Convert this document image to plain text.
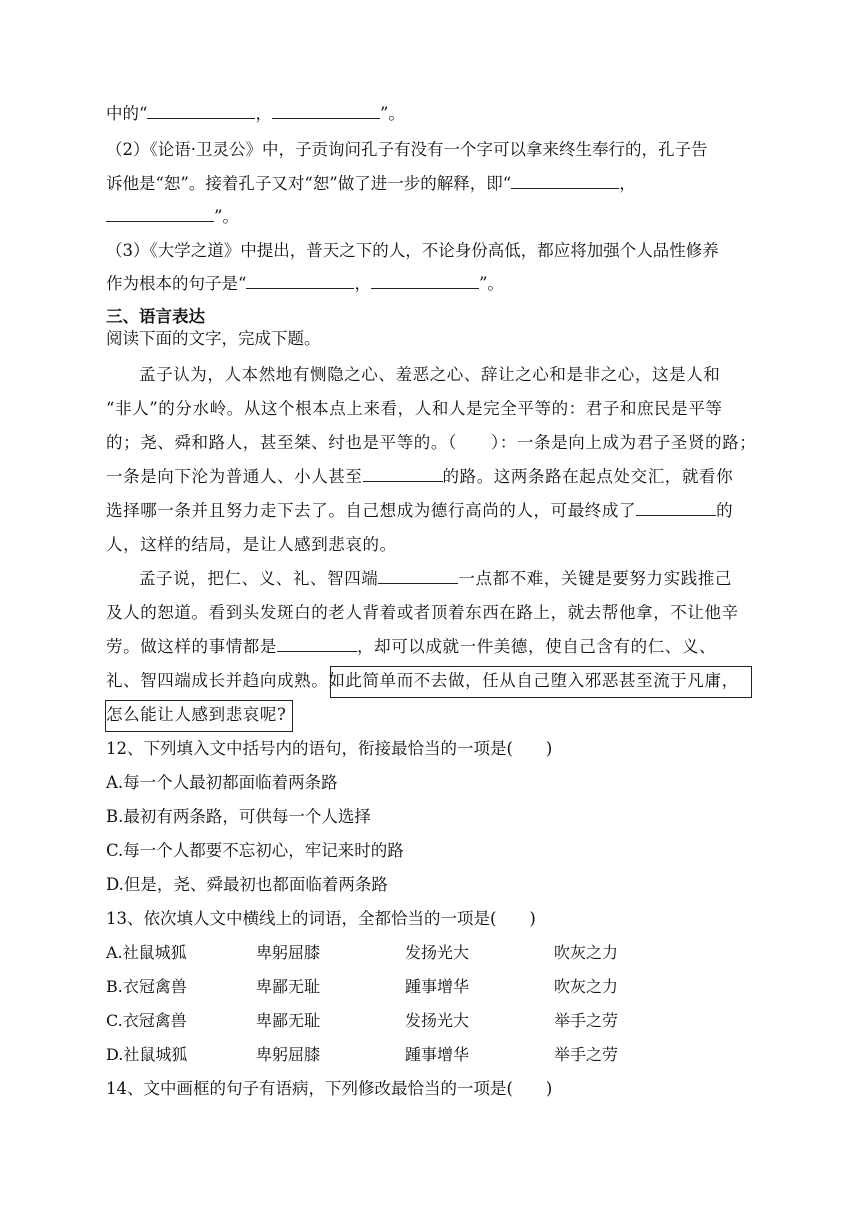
中的“	，	”。
（2）《论语·卫灵公》中，子贡询问孔子有没有一个字可以拿来终生奉行的，孔子告
诉他是“恕”。接着孔子又对“恕”做了进一步的解释，即“	，
”。
（3）《大学之道》中提出，普天之下的人，不论身份高低，都应将加强个人品性修养
作为根本的句子是“	，	”。
三、语言表达
阅读下面的文字，完成下题。
孟子认为，人本然地有恻隐之心、羞恶之心、辞让之心和是非之心，这是人和
“非人”的分水岭。从这个根本点上来看，人和人是完全平等的：君子和庶民是平等
的；尧、舜和路人，甚至桀、纣也是平等的。（　　）：一条是向上成为君子圣贤的路；
一条是向下沦为普通人、小人甚至	的路。这两条路在起点处交汇，就看你
选择哪一条并且努力走下去了。自己想成为德行高尚的人，可最终成了	的
人，这样的结局，是让人感到悲哀的。
孟子说，把仁、义、礼、智四端	一点都不难，关键是要努力实践推己
及人的恕道。看到头发斑白的老人背着或者顶着东西在路上，就去帮他拿，不让他辛
劳。做这样的事情都是	，却可以成就一件美德，使自己含有的仁、义、
礼、智四端成长并趋向成熟。如此简单而不去做，任从自己堕入邪恶甚至流于凡庸，
怎么能让人感到悲哀呢?
12、下列填入文中括号内的语句，衔接最恰当的一项是(　　)
A.每一个人最初都面临着两条路
B.最初有两条路，可供每一个人选择
C.每一个人都要不忘初心，牢记来时的路
D.但是，尧、舜最初也都面临着两条路
13、依次填人文中横线上的词语，全都恰当的一项是(　　)
A.社鼠城狐	卑躬屈膝	发扬光大	吹灰之力
B.衣冠禽兽	卑鄙无耻	踵事增华	吹灰之力
C.衣冠禽兽	卑鄙无耻	发扬光大	举手之劳
D.社鼠城狐	卑躬屈膝	踵事增华	举手之劳
14、文中画框的句子有语病，下列修改最恰当的一项是(　　)
